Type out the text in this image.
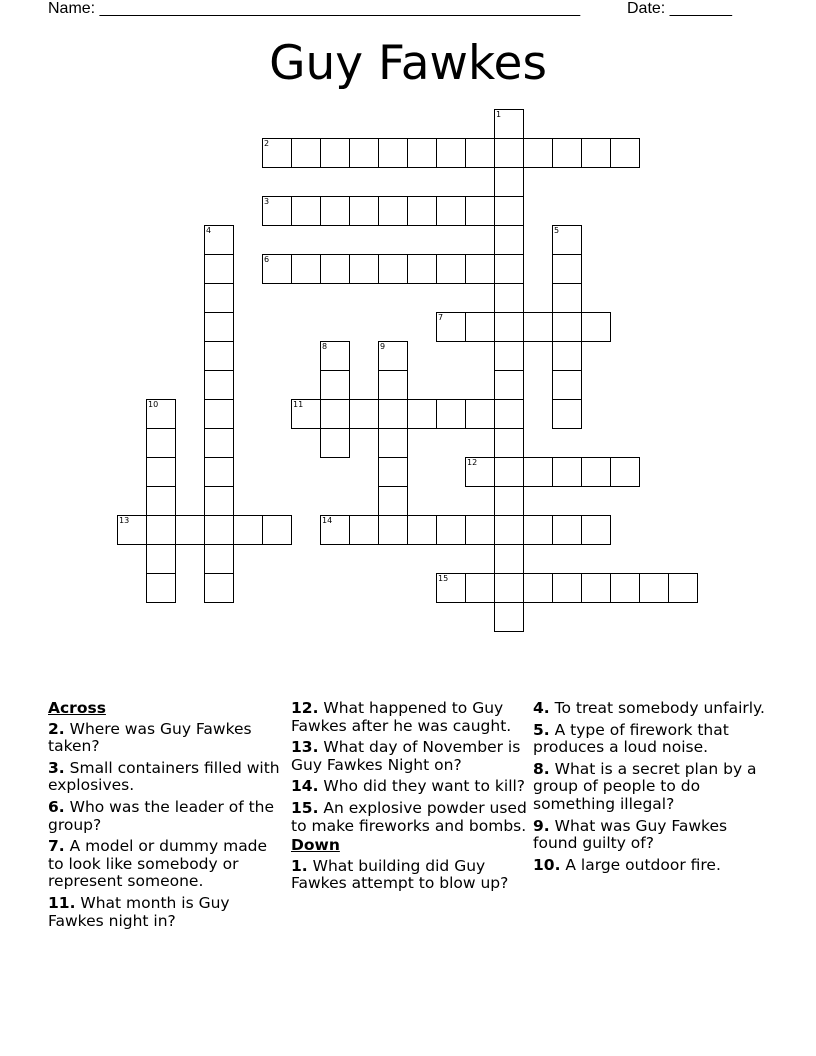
Name: ______________________________________________________	Date: _______
Guy Fawkes
1
2
3
4	5
6
7
8	9
10	11
12
13	14
15
Across
2. Where was Guy Fawkes taken?
3. Small containers filled with explosives.
6. Who was the leader of the group?
7. A model or dummy made to look like somebody or represent someone.
11. What month is Guy Fawkes night in?
12. What happened to Guy Fawkes after he was caught.
13. What day of November is Guy Fawkes Night on?
14. Who did they want to kill?
15. An explosive powder used to make fireworks and bombs.
Down
1. What building did Guy Fawkes attempt to blow up?
4. To treat somebody unfairly.
5. A type of firework that produces a loud noise.
8. What is a secret plan by a group of people to do something illegal?
9. What was Guy Fawkes found guilty of?
10. A large outdoor fire.
